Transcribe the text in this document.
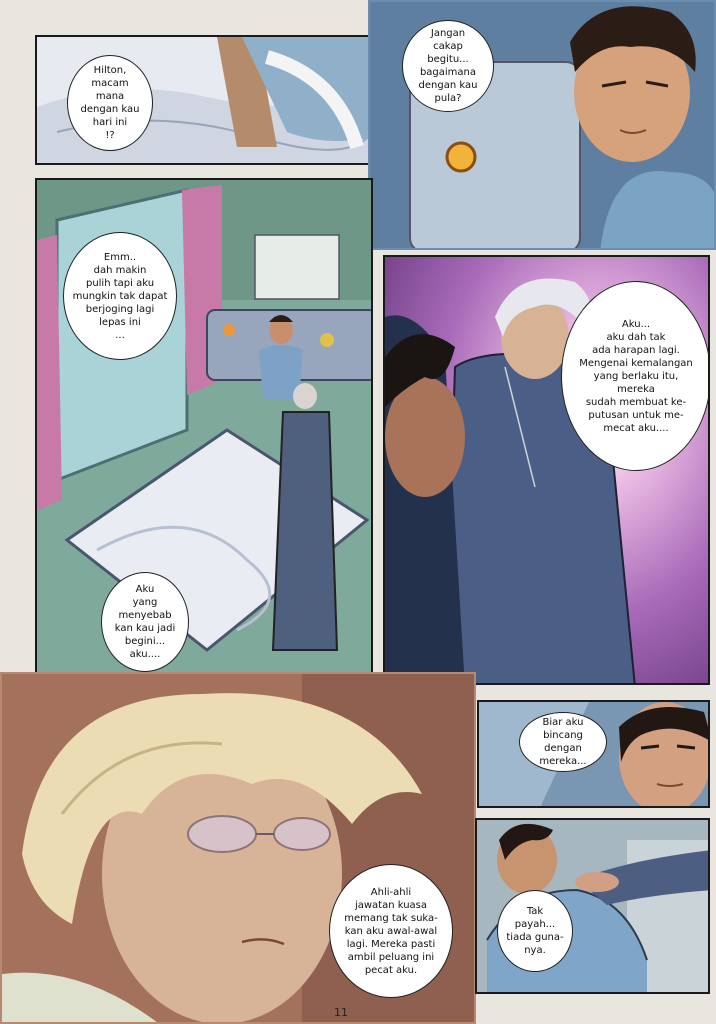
Hilton,
macam mana
dengan kau
hari ini
!?
Jangan
cakap begitu...
bagaimana
dengan kau
pula?
Emm..
dah makin
pulih tapi aku
mungkin tak dapat
berjoging lagi
lepas ini
...
Aku
yang
menyebab
kan kau jadi
begini...
aku....
Aku...
aku dah tak
ada harapan lagi.
Mengenai kemalangan
yang berlaku itu, mereka
sudah membuat ke-
putusan untuk me-
mecat aku....
Ahli-ahli
jawatan kuasa
memang tak suka-
kan aku awal-awal
lagi. Mereka pasti
ambil peluang ini
pecat aku.
Biar aku
bincang dengan
mereka...
Tak
payah...
tiada guna-
nya.
11
